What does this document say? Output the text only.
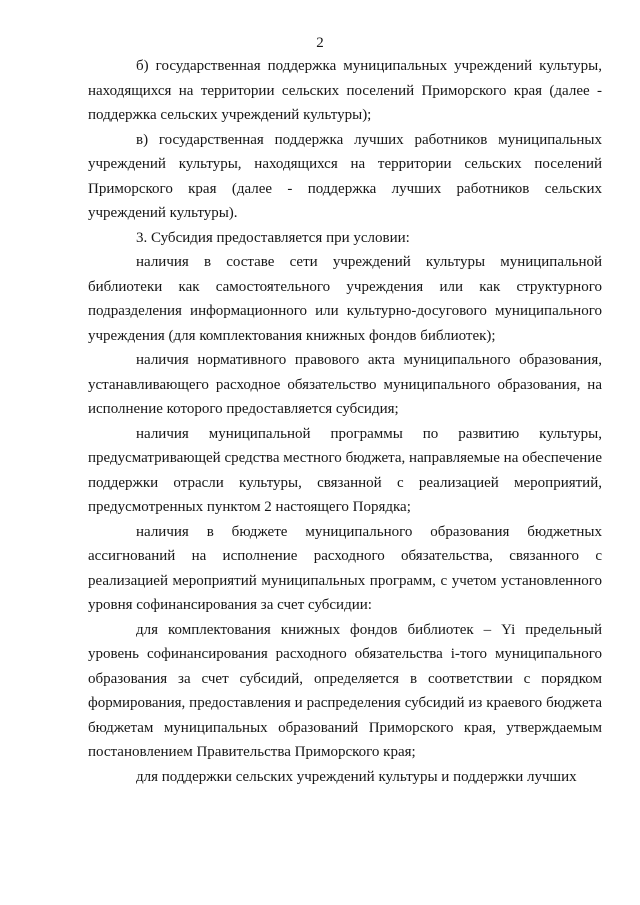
2

б) государственная поддержка муниципальных учреждений культуры, находящихся на территории сельских поселений Приморского края (далее - поддержка сельских учреждений культуры);

в) государственная поддержка лучших работников муниципальных учреждений культуры, находящихся на территории сельских поселений Приморского края (далее - поддержка лучших работников сельских учреждений культуры).

3. Субсидия предоставляется при условии:

наличия в составе сети учреждений культуры муниципальной библиотеки как самостоятельного учреждения или как структурного подразделения информационного или культурно-досугового муниципального учреждения (для комплектования книжных фондов библиотек);

наличия нормативного правового акта муниципального образования, устанавливающего расходное обязательство муниципального образования, на исполнение которого предоставляется субсидия;

наличия муниципальной программы по развитию культуры, предусматривающей средства местного бюджета, направляемые на обеспечение поддержки отрасли культуры, связанной с реализацией мероприятий, предусмотренных пунктом 2 настоящего Порядка;

наличия в бюджете муниципального образования бюджетных ассигнований на исполнение расходного обязательства, связанного с реализацией мероприятий муниципальных программ, с учетом установленного уровня софинансирования за счет субсидии:

для комплектования книжных фондов библиотек – Yi предельный уровень софинансирования расходного обязательства i-того муниципального образования за счет субсидий, определяется в соответствии с порядком формирования, предоставления и распределения субсидий из краевого бюджета бюджетам муниципальных образований Приморского края, утверждаемым постановлением Правительства Приморского края;

для поддержки сельских учреждений культуры и поддержки лучших
